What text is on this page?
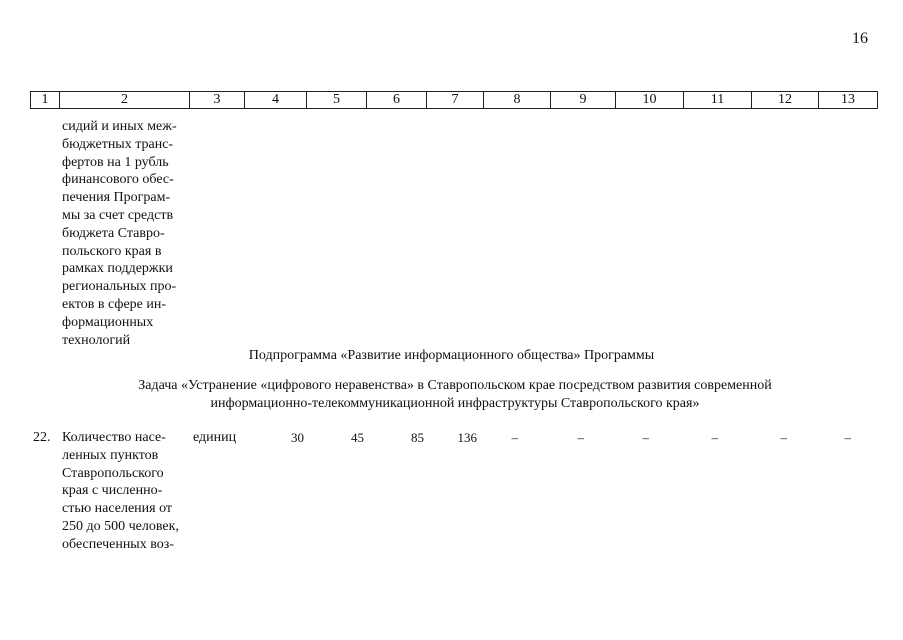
16
1	2	3	4	5	6	7	8	9	10	11	12	13
сидий и иных меж-
бюджетных транс-
фертов на 1 рубль
финансового обес-
печения Програм-
мы за счет средств
бюджета Ставро-
польского края в
рамках поддержки
региональных про-
ектов в сфере ин-
формационных
технологий
Подпрограмма «Развитие информационного общества» Программы
Задача «Устранение «цифрового неравенства» в Ставропольском крае посредством развития современной
информационно-телекоммуникационной инфраструктуры Ставропольского края»
22. Количество насе-
ленных пунктов
Ставропольского
края с численно-
стью населения от
250 до 500 человек,
обеспеченных воз-
единиц	30	45	85	136	–	–	–	–	–	–
